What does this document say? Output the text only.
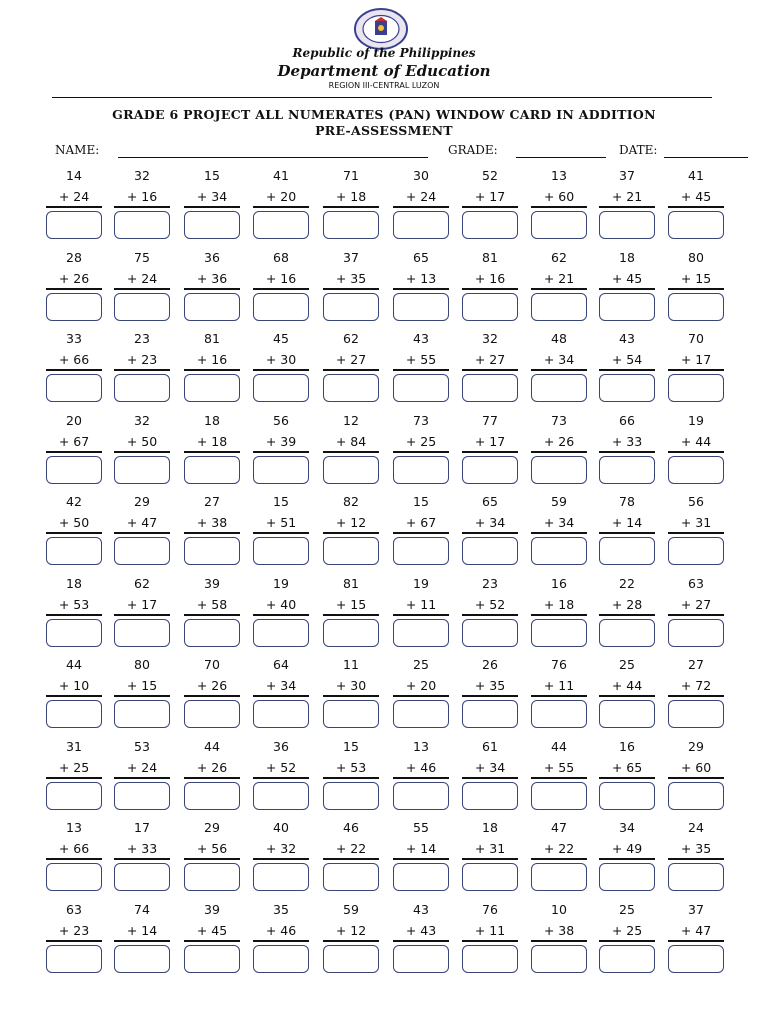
Republic of the Philippines
Department of Education
REGION III-CENTRAL LUZON
GRADE 6 PROJECT ALL NUMERATES (PAN) WINDOW CARD IN ADDITION
PRE-ASSESSMENT
NAME:	GRADE:	DATE:
14
+ 24
32
+ 16
15
+ 34
41
+ 20
71
+ 18
30
+ 24
52
+ 17
13
+ 60
37
+ 21
41
+ 45
28
+ 26
75
+ 24
36
+ 36
68
+ 16
37
+ 35
65
+ 13
81
+ 16
62
+ 21
18
+ 45
80
+ 15
33
+ 66
23
+ 23
81
+ 16
45
+ 30
62
+ 27
43
+ 55
32
+ 27
48
+ 34
43
+ 54
70
+ 17
20
+ 67
32
+ 50
18
+ 18
56
+ 39
12
+ 84
73
+ 25
77
+ 17
73
+ 26
66
+ 33
19
+ 44
42
+ 50
29
+ 47
27
+ 38
15
+ 51
82
+ 12
15
+ 67
65
+ 34
59
+ 34
78
+ 14
56
+ 31
18
+ 53
62
+ 17
39
+ 58
19
+ 40
81
+ 15
19
+ 11
23
+ 52
16
+ 18
22
+ 28
63
+ 27
44
+ 10
80
+ 15
70
+ 26
64
+ 34
11
+ 30
25
+ 20
26
+ 35
76
+ 11
25
+ 44
27
+ 72
31
+ 25
53
+ 24
44
+ 26
36
+ 52
15
+ 53
13
+ 46
61
+ 34
44
+ 55
16
+ 65
29
+ 60
13
+ 66
17
+ 33
29
+ 56
40
+ 32
46
+ 22
55
+ 14
18
+ 31
47
+ 22
34
+ 49
24
+ 35
63
+ 23
74
+ 14
39
+ 45
35
+ 46
59
+ 12
43
+ 43
76
+ 11
10
+ 38
25
+ 25
37
+ 47
